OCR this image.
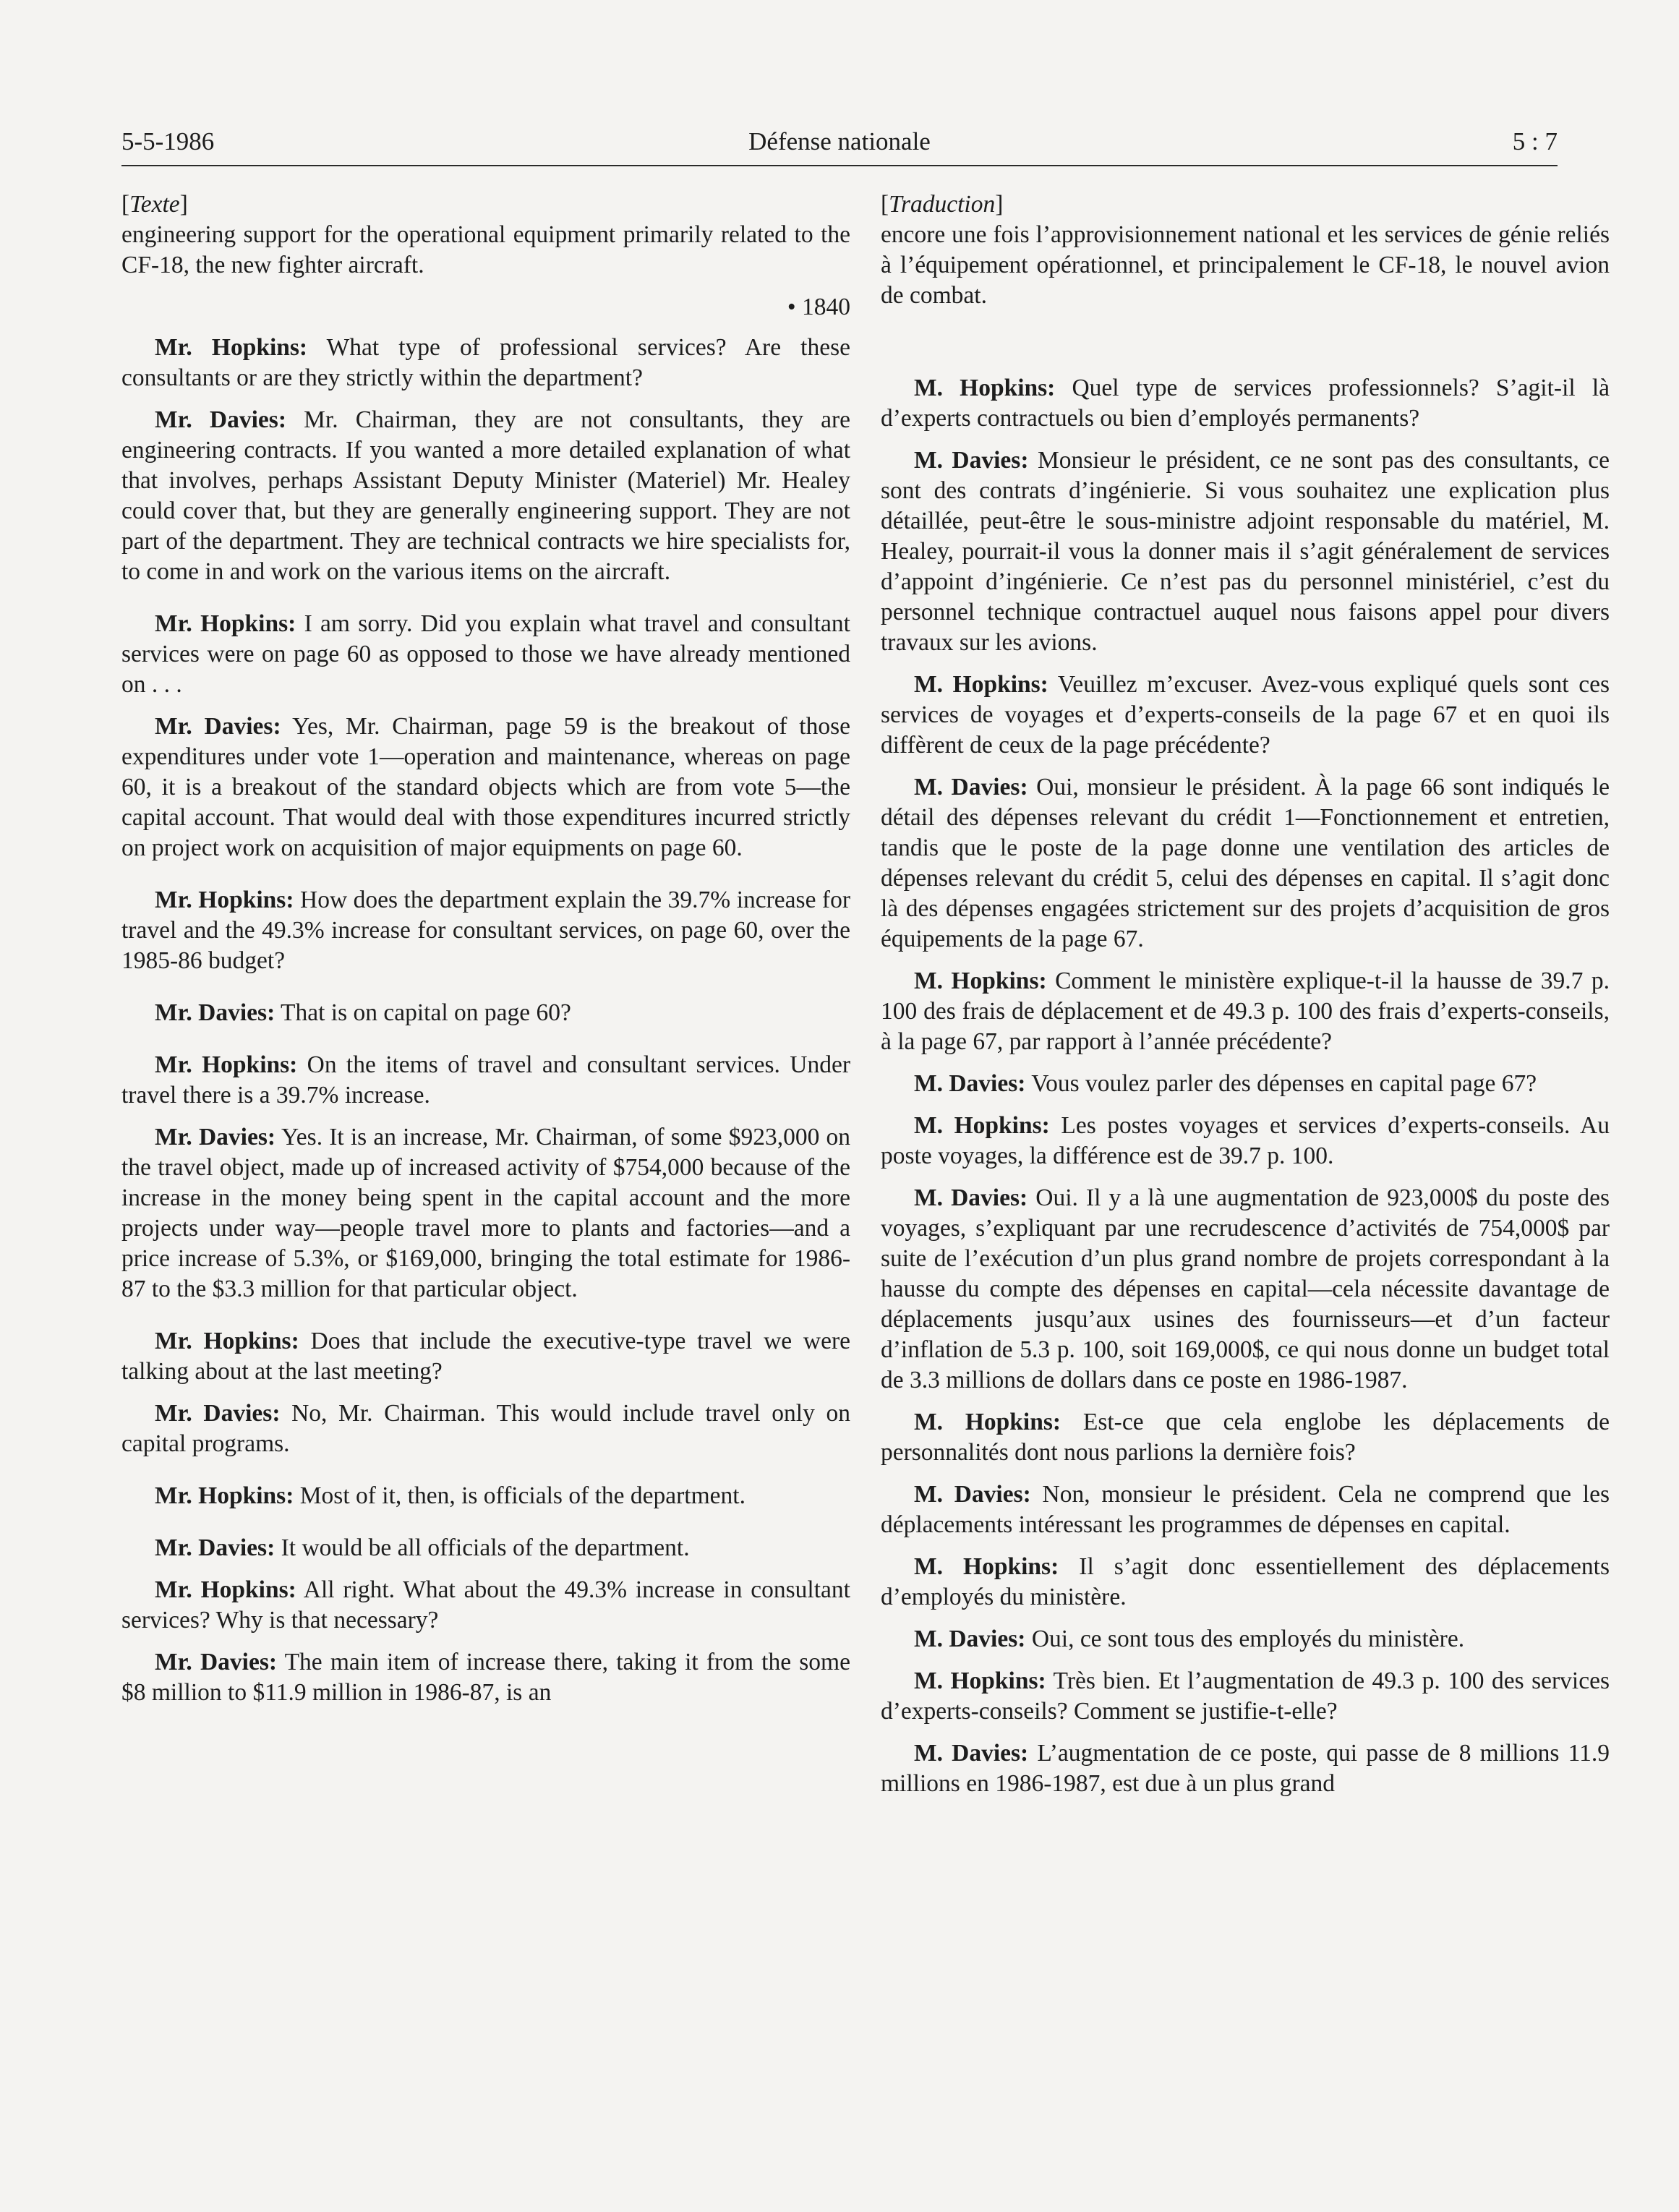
5-5-1986	Défense nationale	5 : 7

[Texte]

engineering support for the operational equipment primarily related to the CF-18, the new fighter aircraft.

• 1840

Mr. Hopkins: What type of professional services? Are these consultants or are they strictly within the department?

Mr. Davies: Mr. Chairman, they are not consultants, they are engineering contracts. If you wanted a more detailed explanation of what that involves, perhaps Assistant Deputy Minister (Materiel) Mr. Healey could cover that, but they are generally engineering support. They are not part of the department. They are technical contracts we hire specialists for, to come in and work on the various items on the aircraft.

Mr. Hopkins: I am sorry. Did you explain what travel and consultant services were on page 60 as opposed to those we have already mentioned on . . .

Mr. Davies: Yes, Mr. Chairman, page 59 is the breakout of those expenditures under vote 1—operation and maintenance, whereas on page 60, it is a breakout of the standard objects which are from vote 5—the capital account. That would deal with those expenditures incurred strictly on project work on acquisition of major equipments on page 60.

Mr. Hopkins: How does the department explain the 39.7% increase for travel and the 49.3% increase for consultant services, on page 60, over the 1985-86 budget?

Mr. Davies: That is on capital on page 60?

Mr. Hopkins: On the items of travel and consultant services. Under travel there is a 39.7% increase.

Mr. Davies: Yes. It is an increase, Mr. Chairman, of some $923,000 on the travel object, made up of increased activity of $754,000 because of the increase in the money being spent in the capital account and the more projects under way—people travel more to plants and factories—and a price increase of 5.3%, or $169,000, bringing the total estimate for 1986-87 to the $3.3 million for that particular object.

Mr. Hopkins: Does that include the executive-type travel we were talking about at the last meeting?

Mr. Davies: No, Mr. Chairman. This would include travel only on capital programs.

Mr. Hopkins: Most of it, then, is officials of the department.

Mr. Davies: It would be all officials of the department.

Mr. Hopkins: All right. What about the 49.3% increase in consultant services? Why is that necessary?

Mr. Davies: The main item of increase there, taking it from the some $8 million to $11.9 million in 1986-87, is an

[Traduction]

encore une fois l’approvisionnement national et les services de génie reliés à l’équipement opérationnel, et principalement le CF-18, le nouvel avion de combat.

M. Hopkins: Quel type de services professionnels? S’agit-il là d’experts contractuels ou bien d’employés permanents?

M. Davies: Monsieur le président, ce ne sont pas des consultants, ce sont des contrats d’ingénierie. Si vous souhaitez une explication plus détaillée, peut-être le sous-ministre adjoint responsable du matériel, M. Healey, pourrait-il vous la donner mais il s’agit généralement de services d’appoint d’ingénierie. Ce n’est pas du personnel ministériel, c’est du personnel technique contractuel auquel nous faisons appel pour divers travaux sur les avions.

M. Hopkins: Veuillez m’excuser. Avez-vous expliqué quels sont ces services de voyages et d’experts-conseils de la page 67 et en quoi ils diffèrent de ceux de la page précédente?

M. Davies: Oui, monsieur le président. À la page 66 sont indiqués le détail des dépenses relevant du crédit 1—Fonctionnement et entretien, tandis que le poste de la page donne une ventilation des articles de dépenses relevant du crédit 5, celui des dépenses en capital. Il s’agit donc là des dépenses engagées strictement sur des projets d’acquisition de gros équipements de la page 67.

M. Hopkins: Comment le ministère explique-t-il la hausse de 39.7 p. 100 des frais de déplacement et de 49.3 p. 100 des frais d’experts-conseils, à la page 67, par rapport à l’année précédente?

M. Davies: Vous voulez parler des dépenses en capital page 67?

M. Hopkins: Les postes voyages et services d’experts-conseils. Au poste voyages, la différence est de 39.7 p. 100.

M. Davies: Oui. Il y a là une augmentation de 923,000$ du poste des voyages, s’expliquant par une recrudescence d’activités de 754,000$ par suite de l’exécution d’un plus grand nombre de projets correspondant à la hausse du compte des dépenses en capital—cela nécessite davantage de déplacements jusqu’aux usines des fournisseurs—et d’un facteur d’inflation de 5.3 p. 100, soit 169,000$, ce qui nous donne un budget total de 3.3 millions de dollars dans ce poste en 1986-1987.

M. Hopkins: Est-ce que cela englobe les déplacements de personnalités dont nous parlions la dernière fois?

M. Davies: Non, monsieur le président. Cela ne comprend que les déplacements intéressant les programmes de dépenses en capital.

M. Hopkins: Il s’agit donc essentiellement des déplacements d’employés du ministère.

M. Davies: Oui, ce sont tous des employés du ministère.

M. Hopkins: Très bien. Et l’augmentation de 49.3 p. 100 des services d’experts-conseils? Comment se justifie-t-elle?

M. Davies: L’augmentation de ce poste, qui passe de 8 millions 11.9 millions en 1986-1987, est due à un plus grand
